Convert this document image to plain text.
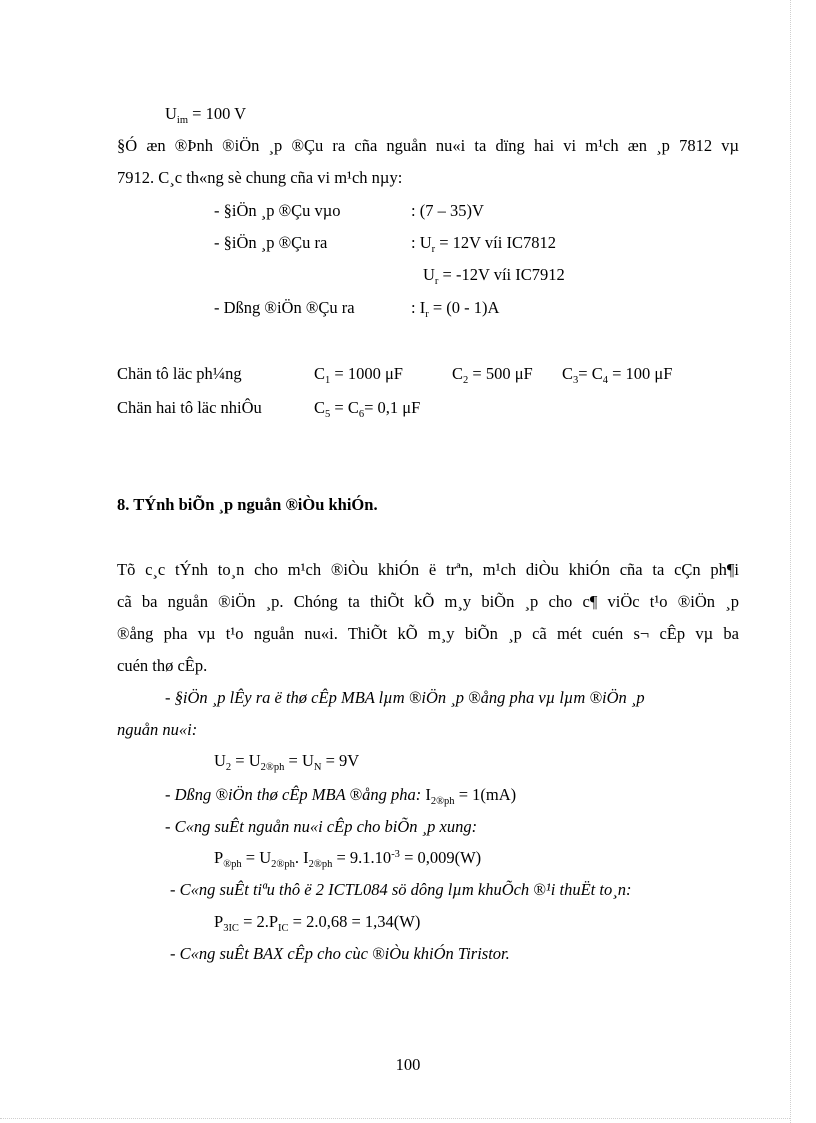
$U_{im} = 100$ V
§Ó æn ®Þnh ®iÖn ¸p ®Çu ra cña nguån nu«i ta dïng hai vi m¹ch æn ¸p 7812 vµ
7912. C¸c th«ng sè chung cña vi m¹ch nµy:
- §iÖn ¸p ®Çu vµo	: (7 – 35)V
- §iÖn ¸p ®Çu ra	: $U_r = 12V$ víi IC7812
$U_r = -12V$ víi IC7912
- Dßng ®iÖn ®Çu ra	: $I_r = (0 - 1)A$
Chän tô läc ph¼ng	$C_1 = 1000$ μF	$C_2 = 500$ μF $C_3= C_4 = 100$ μF
Chän hai tô läc nhiÔu	$C_5 = C_6= 0,1$ μF
8. TÝnh biÕn ¸p nguån ®iÒu khiÓn.
Tõ c¸c tÝnh to¸n cho m¹ch ®iÒu khiÓn ë trªn, m¹ch diÒu khiÓn cña ta cÇn ph¶i
cã ba nguån ®iÖn ¸p. Chóng ta thiÕt kÕ m¸y biÕn ¸p cho c¶ viÖc t¹o ®iÖn ¸p
®ång pha vµ t¹o nguån nu«i. ThiÕt kÕ m¸y biÕn ¸p cã mét cuén s¬ cÊp vµ ba
cuén thø cÊp.
- §iÖn ¸p lÊy ra ë thø cÊp MBA lµm ®iÖn ¸p ®ång pha vµ lµm ®iÖn ¸p
nguån nu«i:
$U_2 = U_{2®ph} = U_N = 9V$
- Dßng ®iÖn thø cÊp MBA ®ång pha: $I_{2®ph} = 1(mA)$
- C«ng suÊt nguån nu«i cÊp cho biÕn ¸p xung:
$P_{®ph} = U_{2®ph}$. $I_{2®ph} = 9.1.10^{-3} = 0,009(W)$
- C«ng suÊt tiªu thô ë 2 ICTL084 sö dông lµm khuÕch ®¹i thuËt to¸n:
$P_{3IC} = 2.P_{IC} = 2.0,68 = 1,34(W)$
- C«ng suÊt BAX cÊp cho cùc ®iÒu khiÓn Tiristor.
100
